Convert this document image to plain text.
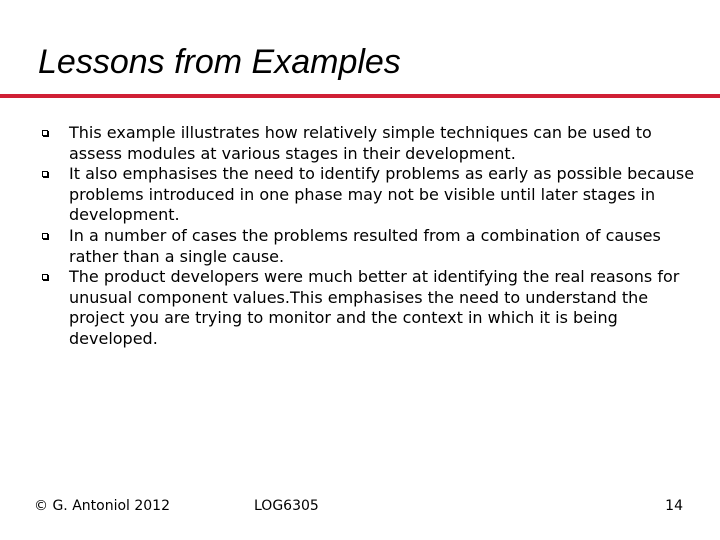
Lessons from Examples
This example illustrates how relatively simple techniques can be used to assess modules at various stages in their development.
It also emphasises the need to identify problems as early as possible because problems introduced in one phase may not be visible until later stages in development.
In a number of cases the problems resulted from a combination of causes rather than a single cause.
The product developers were much better at identifying the real reasons for unusual component values.This emphasises the need to understand the project you are trying to monitor and the context in which it is being developed.
© G. Antoniol 2012	LOG6305	14
